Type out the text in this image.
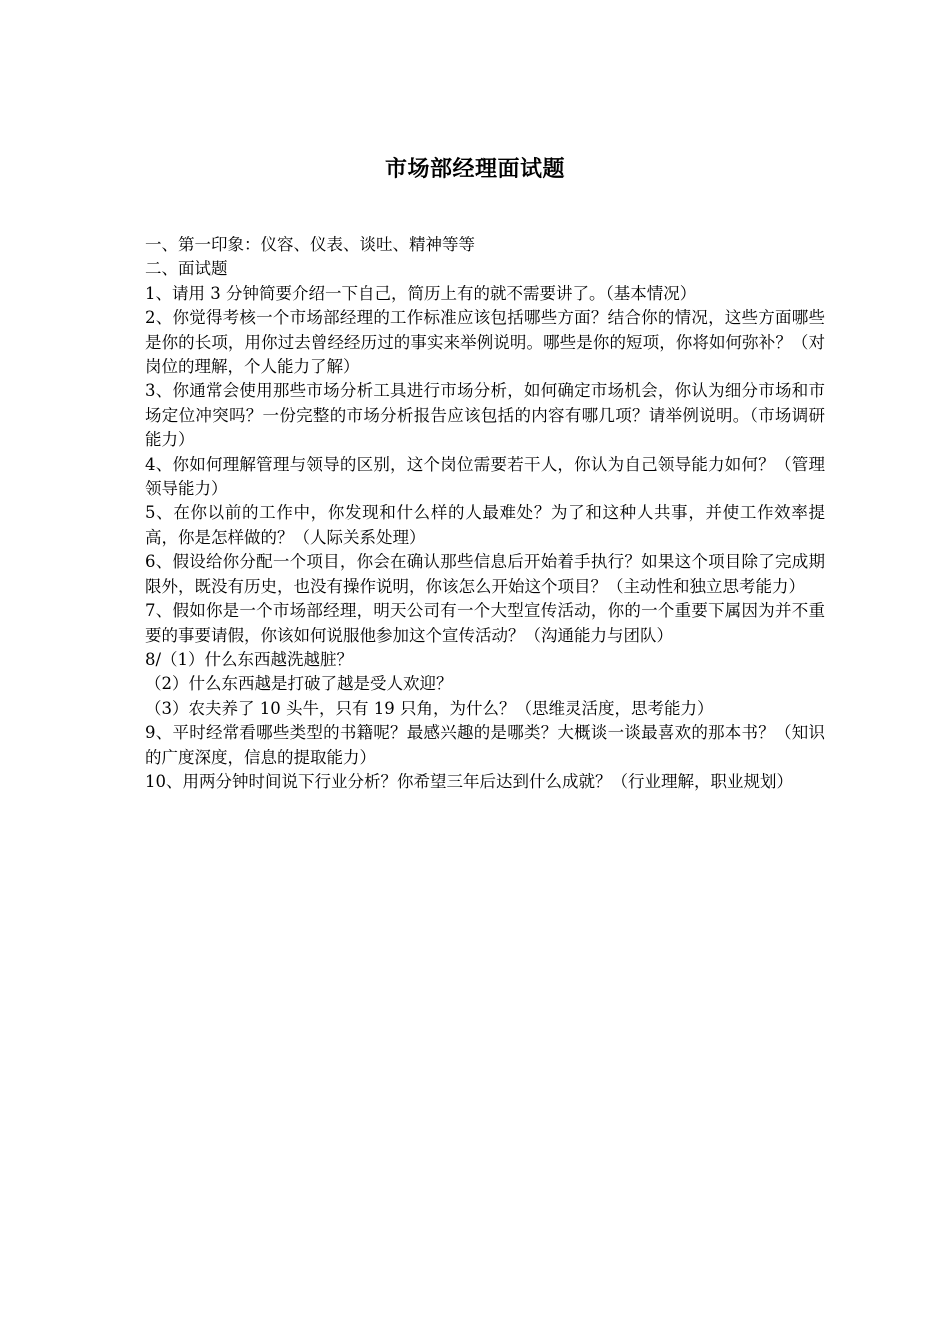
市场部经理面试题

一、第一印象：仪容、仪表、谈吐、精神等等

二、面试题

1、请用 3 分钟简要介绍一下自己，简历上有的就不需要讲了。（基本情况）

2、你觉得考核一个市场部经理的工作标准应该包括哪些方面？结合你的情况，这些方面哪些是你的长项，用你过去曾经经历过的事实来举例说明。哪些是你的短项，你将如何弥补？（对岗位的理解，个人能力了解）

3、你通常会使用那些市场分析工具进行市场分析，如何确定市场机会，你认为细分市场和市场定位冲突吗？一份完整的市场分析报告应该包括的内容有哪几项？请举例说明。（市场调研能力）

4、你如何理解管理与领导的区别，这个岗位需要若干人，你认为自己领导能力如何？（管理领导能力）

5、在你以前的工作中，你发现和什么样的人最难处？为了和这种人共事，并使工作效率提高，你是怎样做的？（人际关系处理）

6、假设给你分配一个项目，你会在确认那些信息后开始着手执行？如果这个项目除了完成期限外，既没有历史，也没有操作说明，你该怎么开始这个项目？（主动性和独立思考能力）

7、假如你是一个市场部经理，明天公司有一个大型宣传活动，你的一个重要下属因为并不重要的事要请假，你该如何说服他参加这个宣传活动？（沟通能力与团队）

8/（1）什么东西越洗越脏？

（2）什么东西越是打破了越是受人欢迎？

（3）农夫养了 10 头牛，只有 19 只角，为什么？（思维灵活度，思考能力）

9、平时经常看哪些类型的书籍呢？最感兴趣的是哪类？大概谈一谈最喜欢的那本书？（知识的广度深度，信息的提取能力）

10、用两分钟时间说下行业分析？你希望三年后达到什么成就？（行业理解，职业规划）
